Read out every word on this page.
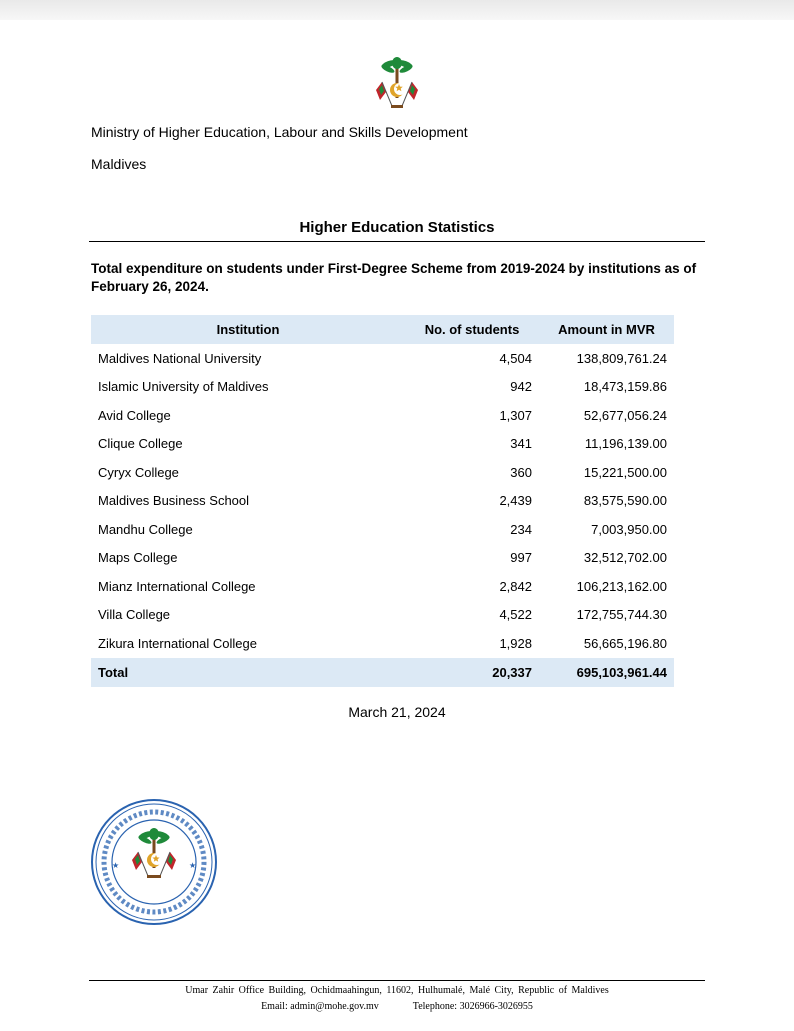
Ministry of Higher Education, Labour and Skills Development
Maldives
Higher Education Statistics
Total expenditure on students under First-Degree Scheme from 2019-2024 by institutions as of February 26, 2024.
Institution	No. of students	Amount in MVR
Maldives National University	4,504	138,809,761.24
Islamic University of Maldives	942	18,473,159.86
Avid College	1,307	52,677,056.24
Clique College	341	11,196,139.00
Cyryx College	360	15,221,500.00
Maldives Business School	2,439	83,575,590.00
Mandhu College	234	7,003,950.00
Maps College	997	32,512,702.00
Mianz International College	2,842	106,213,162.00
Villa College	4,522	172,755,744.30
Zikura International College	1,928	56,665,196.80
Total	20,337	695,103,961.44
March 21, 2024
★	★
Umar Zahir Office Building, Ochidmaahingun, 11602, Hulhumalé, Malé City, Republic of Maldives
Email: admin@mohe.gov.mv	Telephone: 3026966-3026955
